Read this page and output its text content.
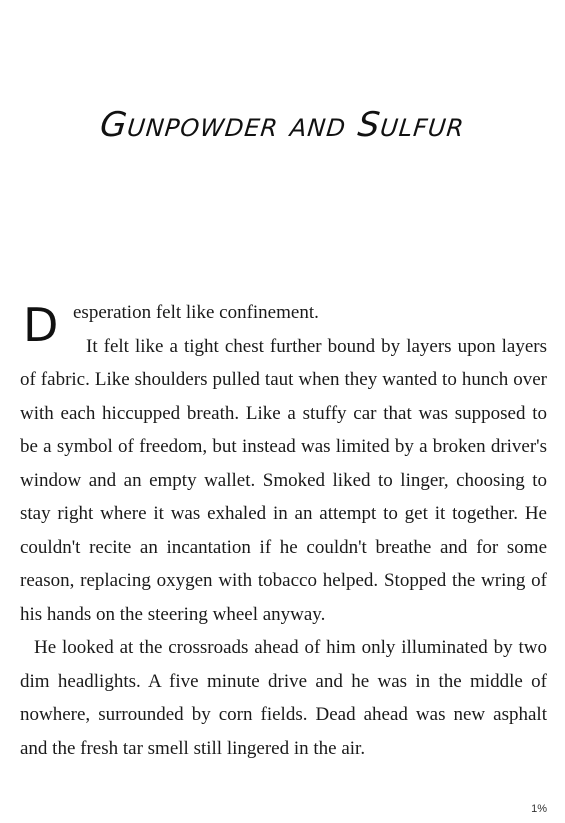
Gunpowder and Sulfur
D esperation felt like confinement.

It felt like a tight chest further bound by layers upon layers of fabric. Like shoulders pulled taut when they wanted to hunch over with each hiccupped breath. Like a stuffy car that was supposed to be a symbol of freedom, but instead was limited by a broken driver's window and an empty wallet. Smoked liked to linger, choosing to stay right where it was exhaled in an attempt to get it together. He couldn't recite an incantation if he couldn't breathe and for some reason, replacing oxygen with tobacco helped. Stopped the wring of his hands on the steering wheel anyway.

He looked at the crossroads ahead of him only illuminated by two dim headlights. A five minute drive and he was in the middle of nowhere, surrounded by corn fields. Dead ahead was new asphalt and the fresh tar smell still lingered in the air.

1%
